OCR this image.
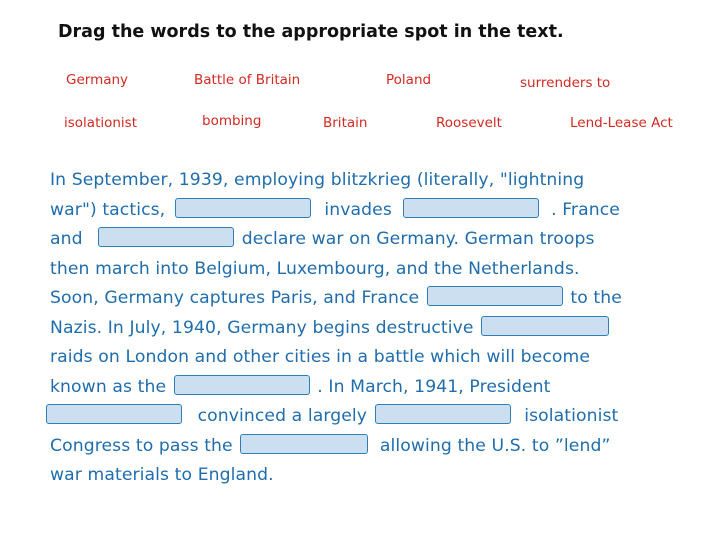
Drag the words to the appropriate spot in the text.
Germany	Battle of Britain	Poland	surrenders to
isolationist	bombing	Britain	Roosevelt	Lend-Lease Act
In September, 1939, employing blitzkrieg (literally, "lightning
war") tactics,	invades	. France
and	declare war on Germany. German troops
then march into Belgium, Luxembourg, and the Netherlands.
Soon, Germany captures Paris, and France	to the
Nazis. In July, 1940, Germany begins destructive
raids on London and other cities in a battle which will become
known as the	. In March, 1941, President
convinced a largely	isolationist
Congress to pass the	allowing the U.S. to ”lend”
war materials to England.
